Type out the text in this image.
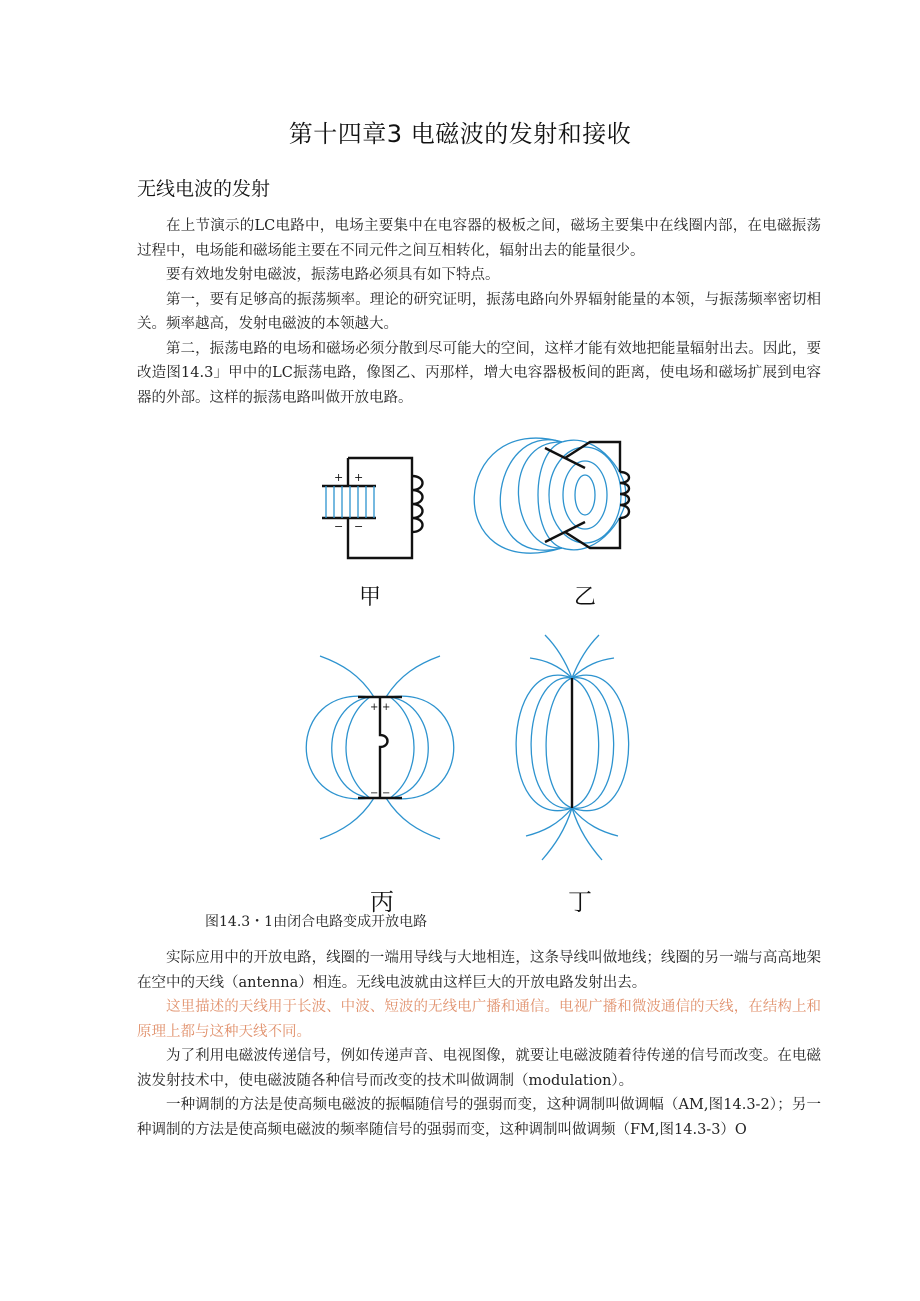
第十四章3 电磁波的发射和接收
无线电波的发射

在上节演示的LC电路中，电场主要集中在电容器的极板之间，磁场主要集中在线圈内部，在电磁振荡过程中，电场能和磁场能主要在不同元件之间互相转化，辐射出去的能量很少。

要有效地发射电磁波，振荡电路必须具有如下特点。

第一，要有足够高的振荡频率。理论的研究证明，振荡电路向外界辐射能量的本领，与振荡频率密切相关。频率越高，发射电磁波的本领越大。

第二，振荡电路的电场和磁场必须分散到尽可能大的空间，这样才能有效地把能量辐射出去。因此，要改造图14.3」甲中的LC振荡电路，像图乙、丙那样，增大电容器极板间的距离，使电场和磁场扩展到电容器的外部。这样的振荡电路叫做开放电路。

+ +
− −
甲	乙
+ +
− −
丙	丁
图14.3・1由闭合电路变成开放电路

实际应用中的开放电路，线圈的一端用导线与大地相连，这条导线叫做地线；线圈的另一端与高高地架在空中的天线（antenna）相连。无线电波就由这样巨大的开放电路发射出去。

这里描述的天线用于长波、中波、短波的无线电广播和通信。电视广播和微波通信的天线，在结构上和原理上都与这种天线不同。

为了利用电磁波传递信号，例如传递声音、电视图像，就要让电磁波随着待传递的信号而改变。在电磁波发射技术中，使电磁波随各种信号而改变的技术叫做调制（modulation）。

一种调制的方法是使高频电磁波的振幅随信号的强弱而变，这种调制叫做调幅（AM,图14.3-2）；另一种调制的方法是使高频电磁波的频率随信号的强弱而变，这种调制叫做调频（FM,图14.3-3）O
